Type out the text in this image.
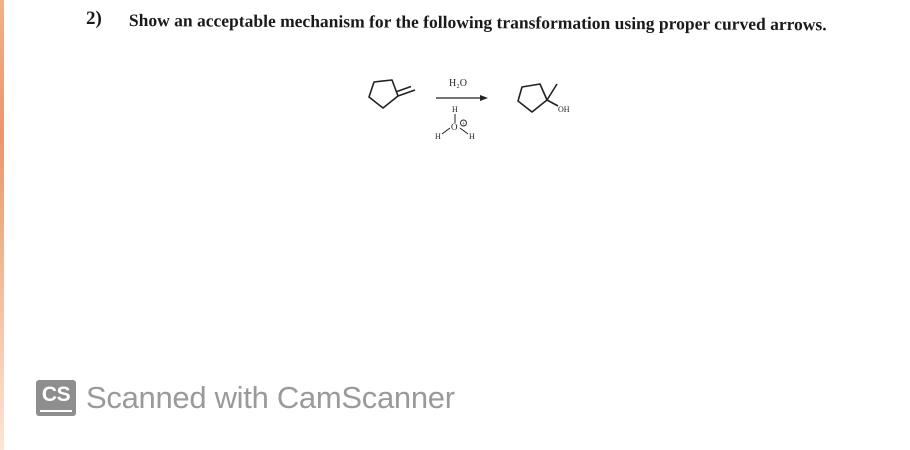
2) Show an acceptable mechanism for the following transformation using proper curved arrows.
H₂O
H
O +
H	H
OH
CS Scanned with CamScanner
